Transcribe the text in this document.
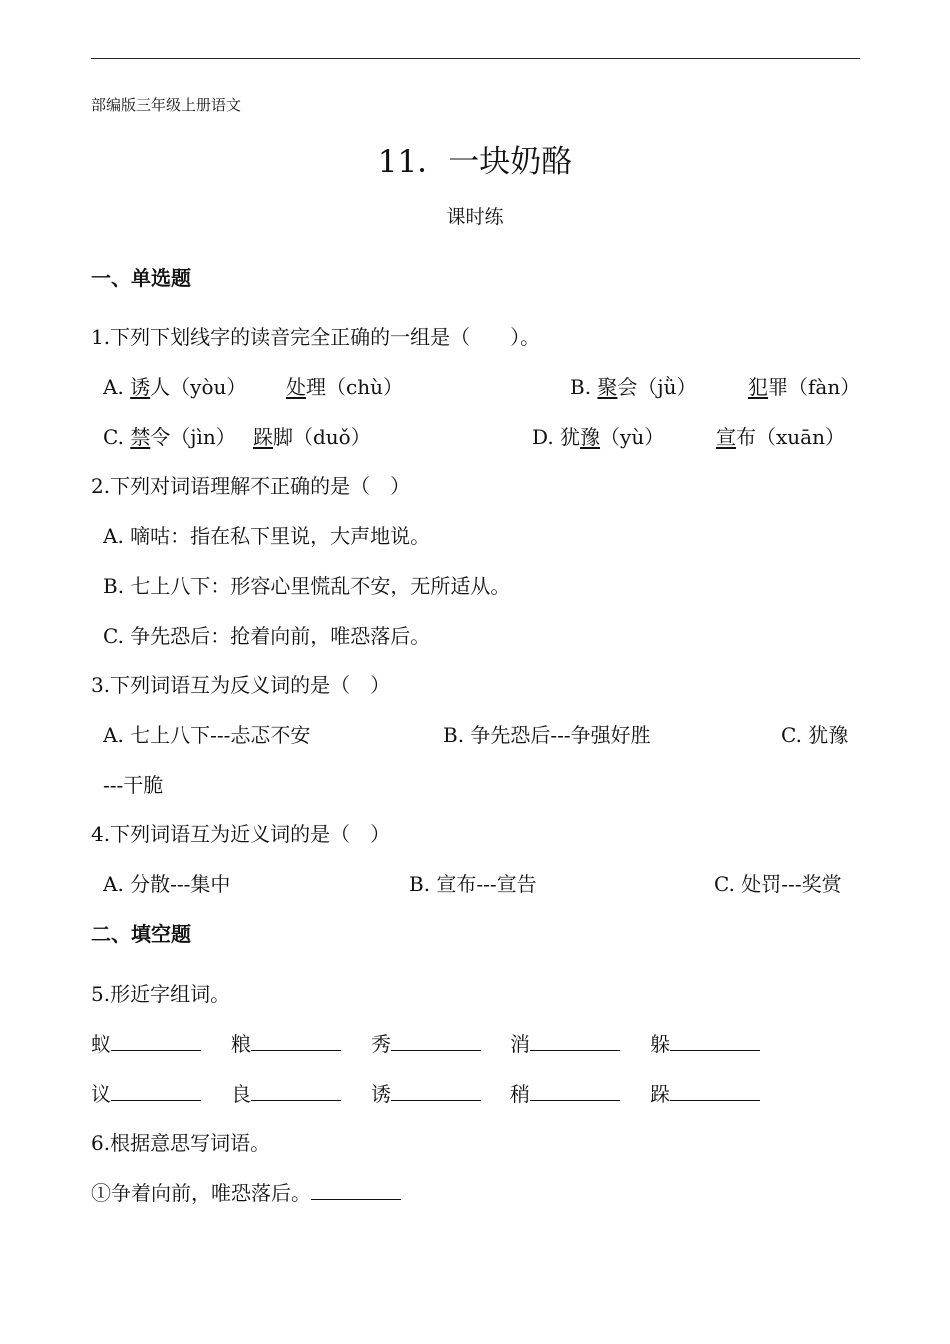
部编版三年级上册语文
11．一块奶酪
课时练
一、单选题
1.下列下划线字的读音完全正确的一组是（　　）。
A. 诱人（yòu） 处理（chù）	B. 聚会（jǜ）	犯罪（fàn）
C. 禁令（jìn） 跺脚（duǒ）	D. 犹豫（yù）	宣布（xuān）
2.下列对词语理解不正确的是（　）
A. 嘀咕：指在私下里说，大声地说。
B. 七上八下：形容心里慌乱不安，无所适从。
C. 争先恐后：抢着向前，唯恐落后。
3.下列词语互为反义词的是（　）
A. 七上八下---忐忑不安	B. 争先恐后---争强好胜	C. 犹豫
---干脆
4.下列词语互为近义词的是（　）
A. 分散---集中	B. 宣布---宣告	C. 处罚---奖赏
二、填空题
5.形近字组词。
蚁	粮	秀	消	躲
议	良	诱	稍	跺
6.根据意思写词语。
①争着向前，唯恐落后。
